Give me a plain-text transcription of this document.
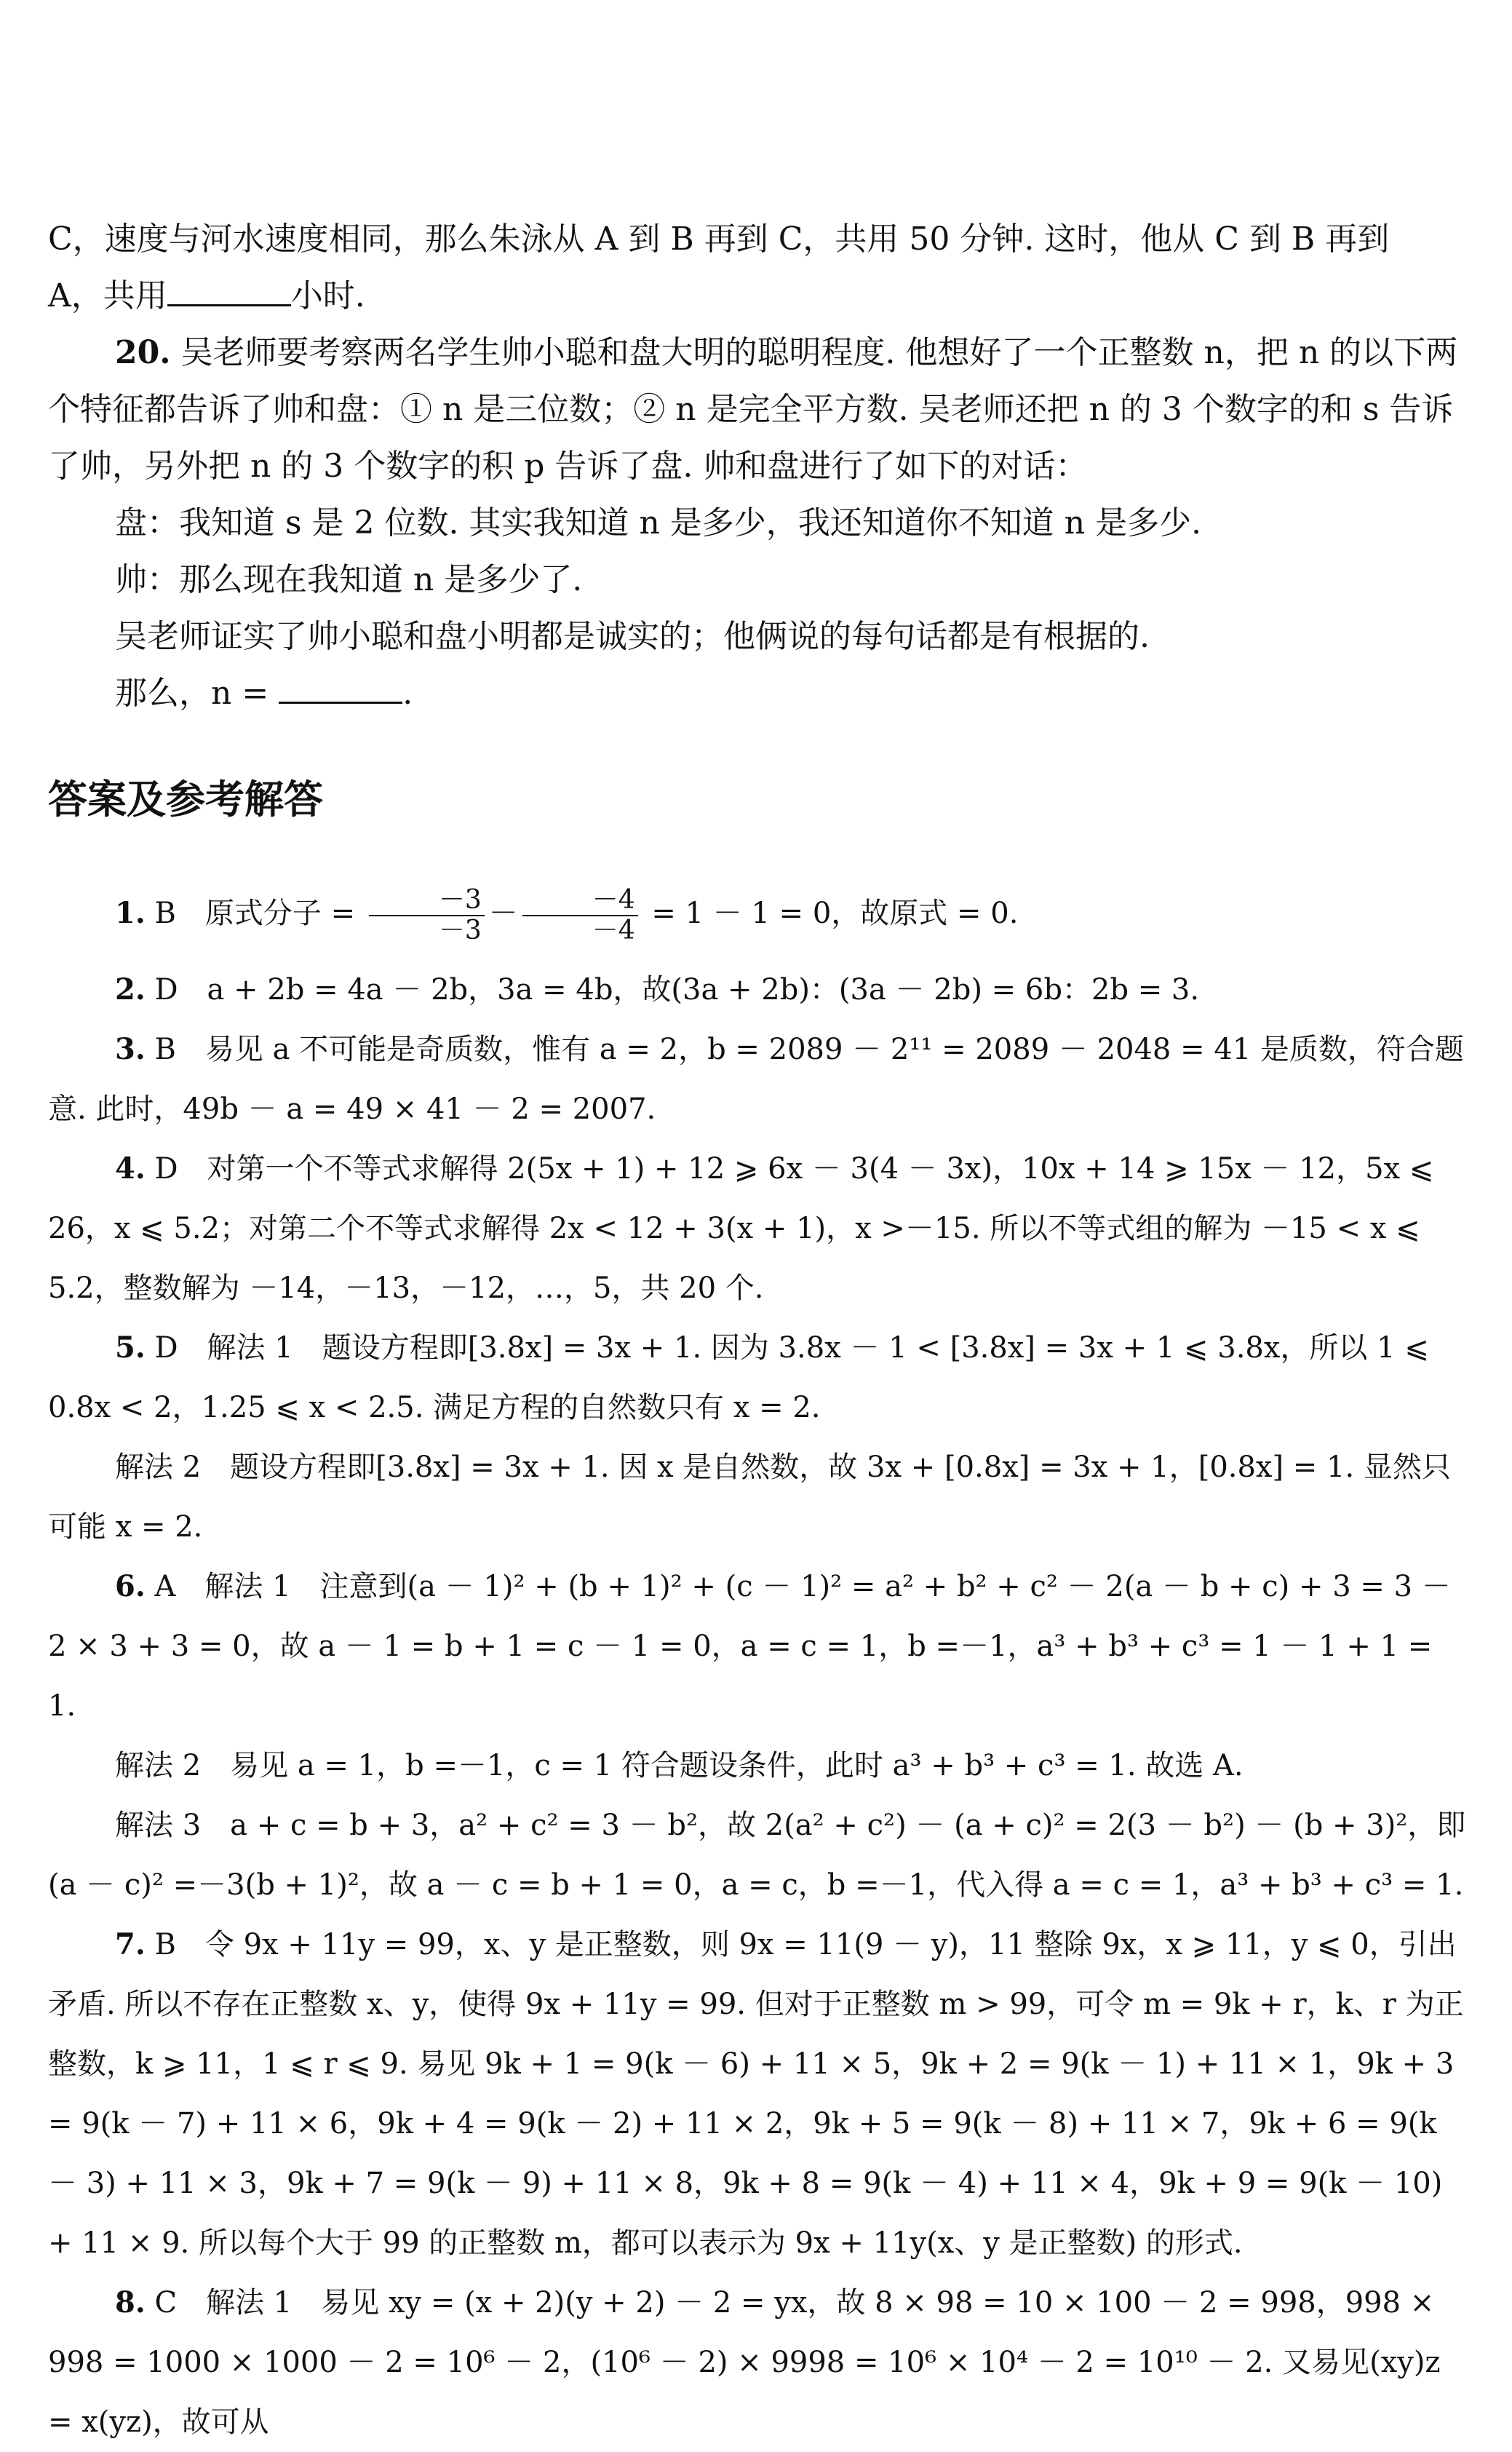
C，速度与河水速度相同，那么朱泳从 A 到 B 再到 C，共用 50 分钟. 这时，他从 C 到 B 再到

A，共用	小时.

20. 吴老师要考察两名学生帅小聪和盘大明的聪明程度. 他想好了一个正整数 n，把 n 的以下两个特征都告诉了帅和盘：① n 是三位数；② n 是完全平方数. 吴老师还把 n 的 3 个数字的和 s 告诉了帅，另外把 n 的 3 个数字的积 p 告诉了盘. 帅和盘进行了如下的对话：

盘：我知道 s 是 2 位数. 其实我知道 n 是多少，我还知道你不知道 n 是多少.

帅：那么现在我知道 n 是多少了.

吴老师证实了帅小聪和盘小明都是诚实的；他俩说的每句话都是有根据的.

那么，n =	.

答案及参考解答

1. B　原式分子 = $\frac{-3}{-3} - \frac{-4}{-4} = 1 - 1 = 0$，故原式 = 0.

2. D　a + 2b = 4a － 2b，3a = 4b，故(3a + 2b)：(3a － 2b) = 6b：2b = 3.

3. B　易见 a 不可能是奇质数，惟有 a = 2，b = 2089 － 2¹¹ = 2089 － 2048 = 41 是质数，符合题意. 此时，49b － a = 49 × 41 － 2 = 2007.

4. D　对第一个不等式求解得 2(5x + 1) + 12 ⩾ 6x － 3(4 － 3x)，10x + 14 ⩾ 15x － 12，5x ⩽ 26，x ⩽ 5.2；对第二个不等式求解得 2x < 12 + 3(x + 1)，x >－15. 所以不等式组的解为 －15 < x ⩽ 5.2，整数解为 －14，－13，－12，…，5，共 20 个.

5. D　解法 1　题设方程即[3.8x] = 3x + 1. 因为 3.8x － 1 < [3.8x] = 3x + 1 ⩽ 3.8x，所以 1 ⩽ 0.8x < 2，1.25 ⩽ x < 2.5. 满足方程的自然数只有 x = 2.

解法 2　题设方程即[3.8x] = 3x + 1. 因 x 是自然数，故 3x + [0.8x] = 3x + 1，[0.8x] = 1. 显然只可能 x = 2.

6. A　解法 1　注意到(a － 1)² + (b + 1)² + (c － 1)² = a² + b² + c² － 2(a － b + c) + 3 = 3 － 2 × 3 + 3 = 0，故 a － 1 = b + 1 = c － 1 = 0，a = c = 1，b =－1，a³ + b³ + c³ = 1 － 1 + 1 = 1.

解法 2　易见 a = 1，b =－1，c = 1 符合题设条件，此时 a³ + b³ + c³ = 1. 故选 A.

解法 3　a + c = b + 3，a² + c² = 3 － b²，故 2(a² + c²) － (a + c)² = 2(3 － b²) － (b + 3)²，即(a － c)² =－3(b + 1)²，故 a － c = b + 1 = 0，a = c，b =－1，代入得 a = c = 1，a³ + b³ + c³ = 1.

7. B　令 9x + 11y = 99，x、y 是正整数，则 9x = 11(9 － y)，11 整除 9x，x ⩾ 11，y ⩽ 0，引出矛盾. 所以不存在正整数 x、y，使得 9x + 11y = 99. 但对于正整数 m > 99，可令 m = 9k + r，k、r 为正整数，k ⩾ 11，1 ⩽ r ⩽ 9. 易见 9k + 1 = 9(k － 6) + 11 × 5，9k + 2 = 9(k － 1) + 11 × 1，9k + 3 = 9(k － 7) + 11 × 6，9k + 4 = 9(k － 2) + 11 × 2，9k + 5 = 9(k － 8) + 11 × 7，9k + 6 = 9(k － 3) + 11 × 3，9k + 7 = 9(k － 9) + 11 × 8，9k + 8 = 9(k － 4) + 11 × 4，9k + 9 = 9(k － 10) + 11 × 9. 所以每个大于 99 的正整数 m，都可以表示为 9x + 11y(x、y 是正整数) 的形式.

8. C　解法 1　易见 xy = (x + 2)(y + 2) － 2 = yx，故 8 × 98 = 10 × 100 － 2 = 998，998 × 998 = 1000 × 1000 － 2 = 10⁶ － 2，(10⁶ － 2) × 9998 = 10⁶ × 10⁴ － 2 = 10¹⁰ － 2. 又易见(xy)z = x(yz)，故可从
